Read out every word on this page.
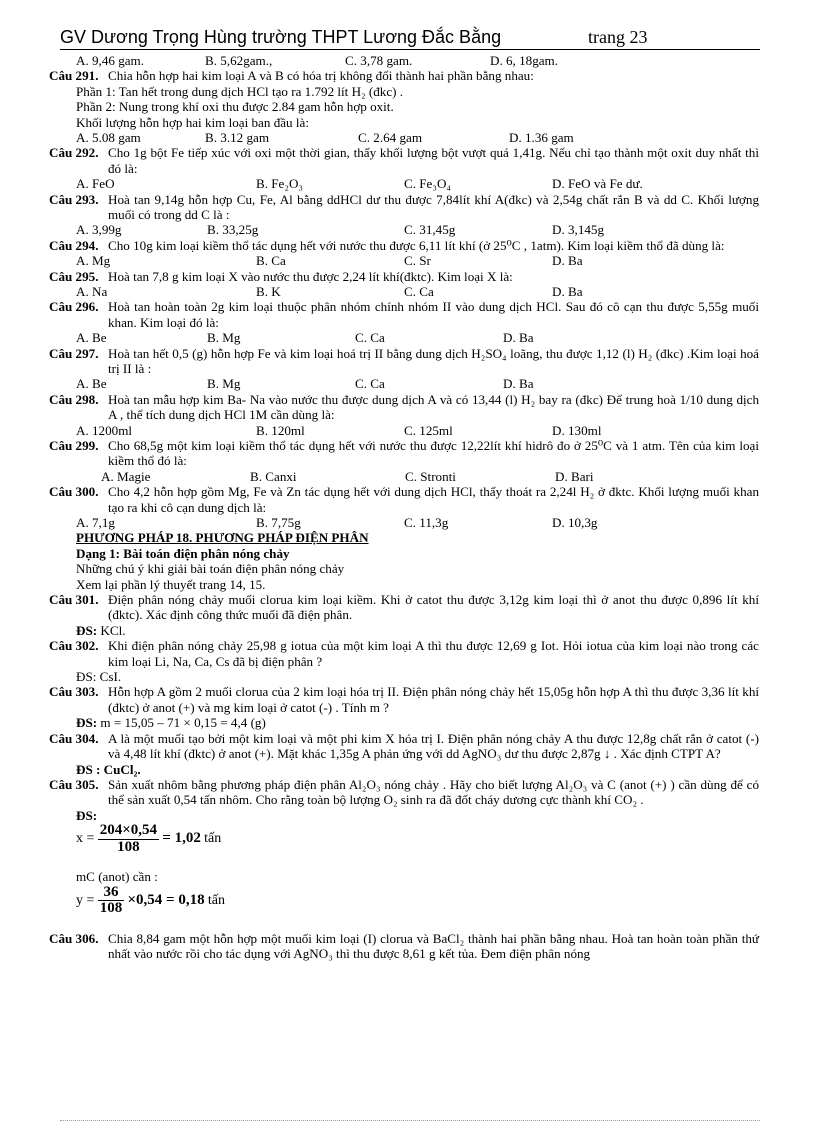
GV Dương Trọng Hùng trường THPT Lương Đắc Bằng	trang 23
A. 9,46 gam.	B. 5,62gam.,	C. 3,78 gam.	D. 6, 18gam.
Câu 291. Chia hỗn hợp hai kim loại A và B có hóa trị không đổi thành hai phần bằng nhau:
Phần 1: Tan hết trong dung dịch HCl tạo ra 1.792 lít H₂ (đkc) .
Phần 2: Nung trong khí oxi thu được 2.84 gam hỗn hợp oxit.
Khối lượng hỗn hợp hai kim loại ban đầu là:
A. 5.08 gam	B. 3.12 gam	C. 2.64 gam	D. 1.36 gam
Câu 292. Cho 1g bột Fe tiếp xúc với oxi một thời gian, thấy khối lượng bột vượt quá 1,41g. Nếu chỉ tạo thành một oxit duy nhất thì đó là:
A. FeO	B. Fe₂O₃	C. Fe₃O₄	D. FeO và Fe dư.
Câu 293. Hoà tan 9,14g hỗn hợp Cu, Fe, Al bằng ddHCl dư thu được 7,84lít khí A(đkc) và 2,54g chất rắn B và dd C. Khối lượng muối có trong dd C là :
A. 3,99g	B. 33,25g	C. 31,45g	D. 3,145g
Câu 294. Cho 10g kim loại kiềm thổ tác dụng hết với nước thu được 6,11 lít khí (ở 25⁰C , 1atm). Kim loại kiềm thổ đã dùng là:
A. Mg	B. Ca	C. Sr	D. Ba
Câu 295. Hoà tan 7,8 g kim loại X vào nước thu được 2,24 lít khí(đktc). Kim loại X là:
A. Na	B. K	C. Ca	D. Ba
Câu 296. Hoà tan hoàn toàn 2g kim loại thuộc phân nhóm chính nhóm II vào dung dịch HCl. Sau đó cô cạn thu được 5,55g muối khan. Kim loại đó là:
A. Be	B. Mg	C. Ca	D. Ba
Câu 297. Hoà tan hết 0,5 (g) hỗn hợp Fe và kim loại hoá trị II bằng dung dịch H₂SO₄ loãng, thu được 1,12 (l) H₂ (đkc) .Kim loại hoá trị II là :
A. Be	B. Mg	C. Ca	D. Ba
Câu 298. Hoà tan mẫu hợp kim Ba- Na vào nước thu được dung dịch A và có 13,44 (l) H₂ bay ra (đkc) Để trung hoà 1/10 dung dịch A , thể tích dung dịch HCl 1M cần dùng là:
A. 1200ml	B. 120ml	C. 125ml	D. 130ml
Câu 299. Cho 68,5g một kim loại kiềm thổ tác dụng hết với nước thu được 12,22lít khí hidrô đo ở 25⁰C và 1 atm. Tên của kim loại kiềm thổ đó là:
A. Magie	B. Canxi	C. Stronti	D. Bari
Câu 300. Cho 4,2 hỗn hợp gồm Mg, Fe và Zn tác dụng hết với dung dịch HCl, thấy thoát ra 2,24l H₂ ở đktc. Khối lượng muối khan tạo ra khi cô cạn dung dịch là:
A. 7,1g	B. 7,75g	C. 11,3g	D. 10,3g
PHƯƠNG PHÁP 18. PHƯƠNG PHÁP ĐIỆN PHÂN
Dạng 1: Bài toán điện phân nóng chảy
Những chú ý khi giải bài toán điện phân nóng chảy
Xem lại phần lý thuyết trang 14, 15.
Câu 301. Điện phân nóng chảy muối clorua kim loại kiềm. Khi ở catot thu được 3,12g kim loại thì ở anot thu được 0,896 lít khí (đktc). Xác định công thức muối đã điện phân.
ĐS: KCl.
Câu 302. Khi điện phân nóng chảy 25,98 g iotua của một kim loại A thì thu được 12,69 g Iot. Hỏi iotua của kim loại nào trong các kim loại Li, Na, Ca, Cs đã bị điện phân ?
ĐS: CsI.
Câu 303. Hỗn hợp A gồm 2 muối clorua của 2 kim loại hóa trị II. Điện phân nóng chảy hết 15,05g hỗn hợp A thì thu được 3,36 lít khí (đktc) ở anot (+) và mg kim loại ở catot (-) . Tính m ?
ĐS: m = 15,05 – 71 × 0,15 = 4,4 (g)
Câu 304. A là một muối tạo bởi một kim loại và một phi kim X hóa trị I. Điện phân nóng chảy A thu được 12,8g chất rắn ở catot (-) và 4,48 lít khí (đktc) ở anot (+). Mặt khác 1,35g A phản ứng với dd AgNO₃ dư thu được 2,87g ↓ . Xác định CTPT A?
ĐS : CuCl₂.
Câu 305. Sản xuất nhôm bằng phương pháp điện phân Al₂O₃ nóng chảy . Hãy cho biết lượng Al₂O₃ và C (anot (+) ) cần dùng để có thể sản xuất 0,54 tấn nhôm. Cho rằng toàn bộ lượng O₂ sinh ra đã đốt cháy dương cực thành khí CO₂ .
ĐS:
$x = \frac{204\times 0,54}{108} = 1,02$ tấn
mC (anot) cần :
$y = \frac{36}{108} \times 0,54 = 0,18$ tấn
Câu 306. Chia 8,84 gam một hỗn hợp một muối kim loại (I) clorua và BaCl₂ thành hai phần bằng nhau. Hoà tan hoàn toàn phần thứ nhất vào nước rồi cho tác dụng với AgNO₃ thì thu được 8,61 g kết tủa. Đem điện phân nóng
